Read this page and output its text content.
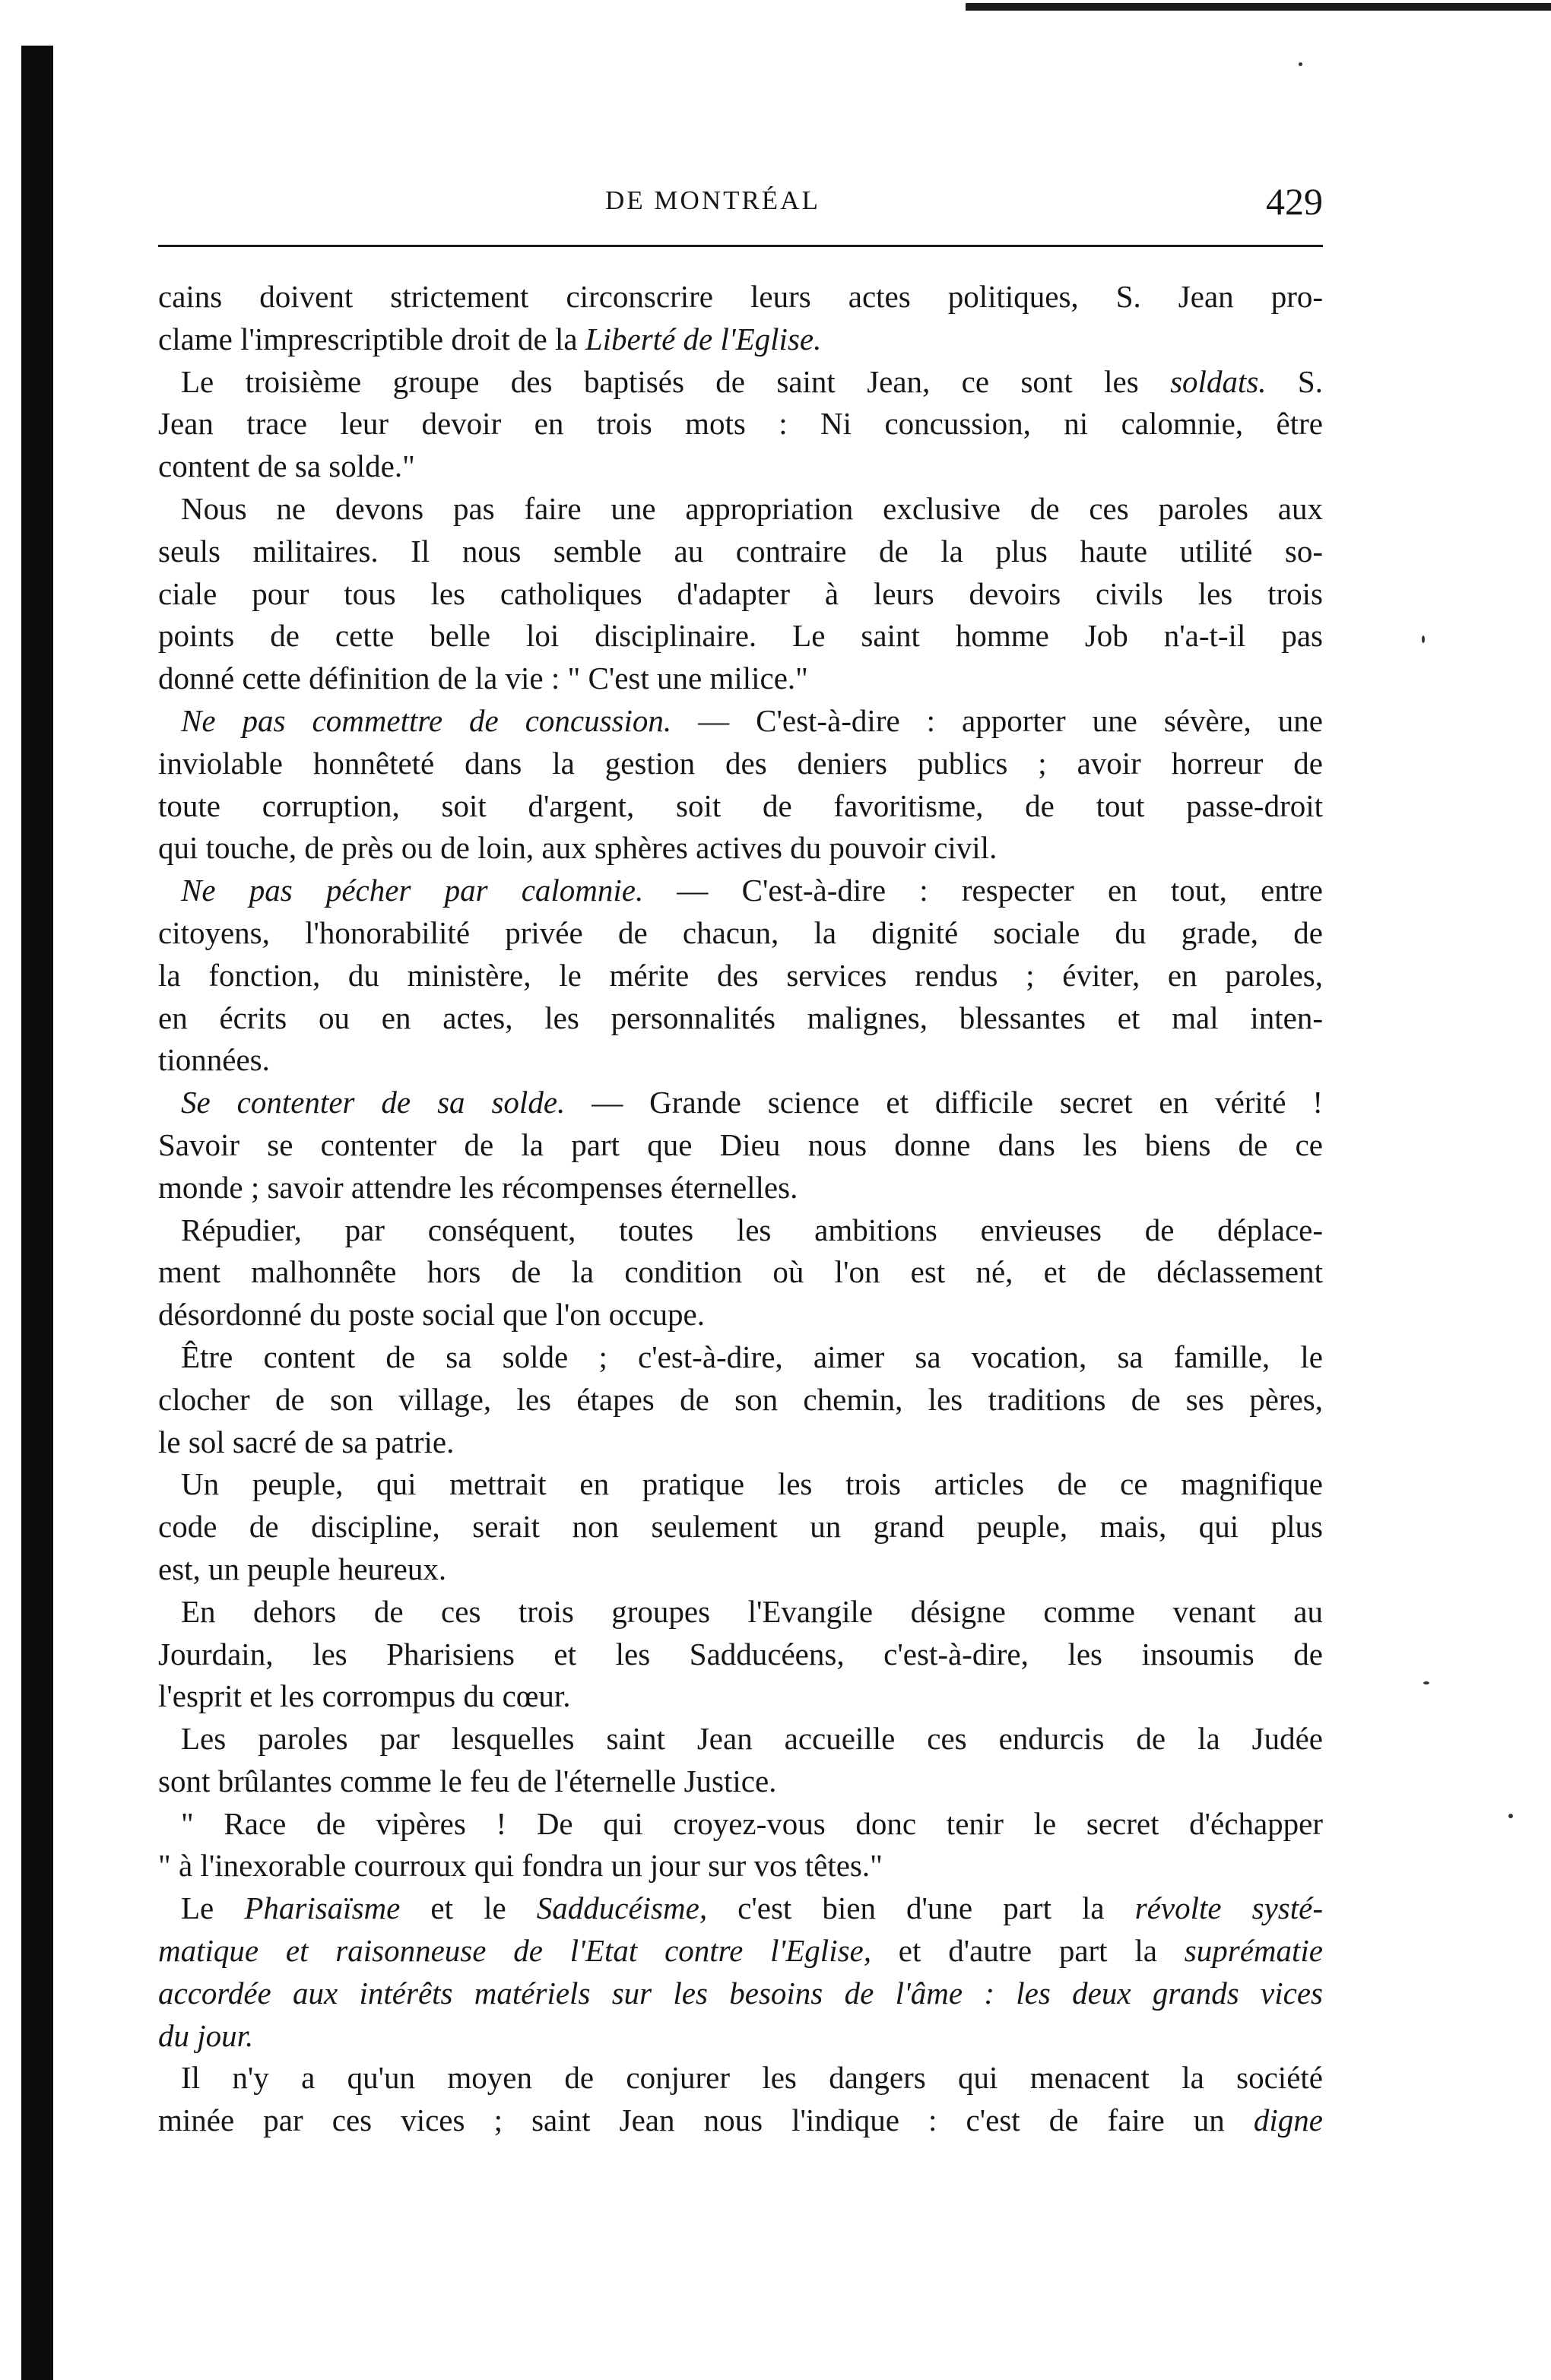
DE MONTRÉAL	429

cains doivent strictement circonscrire leurs actes politiques, S. Jean pro-

clame l'imprescriptible droit de la Liberté de l'Eglise.

Le troisième groupe des baptisés de saint Jean, ce sont les soldats. S.

Jean trace leur devoir en trois mots : Ni concussion, ni calomnie, être

content de sa solde."

Nous ne devons pas faire une appropriation exclusive de ces paroles aux

seuls militaires. Il nous semble au contraire de la plus haute utilité so-

ciale pour tous les catholiques d'adapter à leurs devoirs civils les trois

points de cette belle loi disciplinaire. Le saint homme Job n'a-t-il pas

donné cette définition de la vie : " C'est une milice."

Ne pas commettre de concussion. — C'est-à-dire : apporter une sévère, une

inviolable honnêteté dans la gestion des deniers publics ; avoir horreur de

toute corruption, soit d'argent, soit de favoritisme, de tout passe-droit

qui touche, de près ou de loin, aux sphères actives du pouvoir civil.

Ne pas pécher par calomnie. — C'est-à-dire : respecter en tout, entre

citoyens, l'honorabilité privée de chacun, la dignité sociale du grade, de

la fonction, du ministère, le mérite des services rendus ; éviter, en paroles,

en écrits ou en actes, les personnalités malignes, blessantes et mal inten-

tionnées.

Se contenter de sa solde. — Grande science et difficile secret en vérité !

Savoir se contenter de la part que Dieu nous donne dans les biens de ce

monde ; savoir attendre les récompenses éternelles.

Répudier, par conséquent, toutes les ambitions envieuses de déplace-

ment malhonnête hors de la condition où l'on est né, et de déclassement

désordonné du poste social que l'on occupe.

Être content de sa solde ; c'est-à-dire, aimer sa vocation, sa famille, le

clocher de son village, les étapes de son chemin, les traditions de ses pères,

le sol sacré de sa patrie.

Un peuple, qui mettrait en pratique les trois articles de ce magnifique

code de discipline, serait non seulement un grand peuple, mais, qui plus

est, un peuple heureux.

En dehors de ces trois groupes l'Evangile désigne comme venant au

Jourdain, les Pharisiens et les Sadducéens, c'est-à-dire, les insoumis de

l'esprit et les corrompus du cœur.

Les paroles par lesquelles saint Jean accueille ces endurcis de la Judée

sont brûlantes comme le feu de l'éternelle Justice.

" Race de vipères ! De qui croyez-vous donc tenir le secret d'échapper

" à l'inexorable courroux qui fondra un jour sur vos têtes."

Le Pharisaïsme et le Sadducéisme, c'est bien d'une part la révolte systé-

matique et raisonneuse de l'Etat contre l'Eglise, et d'autre part la suprématie

accordée aux intérêts matériels sur les besoins de l'âme : les deux grands vices

du jour.

Il n'y a qu'un moyen de conjurer les dangers qui menacent la société

minée par ces vices ; saint Jean nous l'indique : c'est de faire un digne
